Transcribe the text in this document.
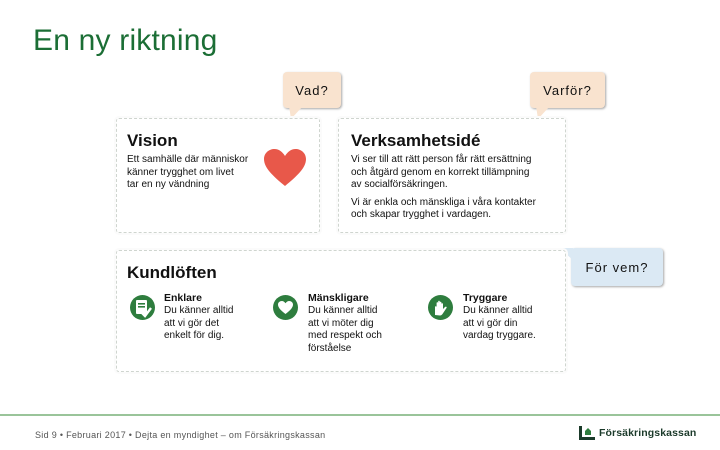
En ny riktning
Vad?	Varför?
För vem?
Vision
Ett samhälle där människor
känner trygghet om livet
tar en ny vändning
Verksamhetsidé
Vi ser till att rätt person får rätt ersättning
och åtgärd genom en korrekt tillämpning
av socialförsäkringen.
Vi är enkla och mänskliga i våra kontakter
och skapar trygghet i vardagen.
Kundlöften
Enklare
Du känner alltid
att vi gör det
enkelt för dig.
Mänskligare
Du känner alltid
att vi möter dig
med respekt och
förståelse
Tryggare
Du känner alltid
att vi gör din
vardag tryggare.
Sid 9 • Februari 2017 • Dejta en myndighet – om Försäkringskassan	Försäkringskassan
